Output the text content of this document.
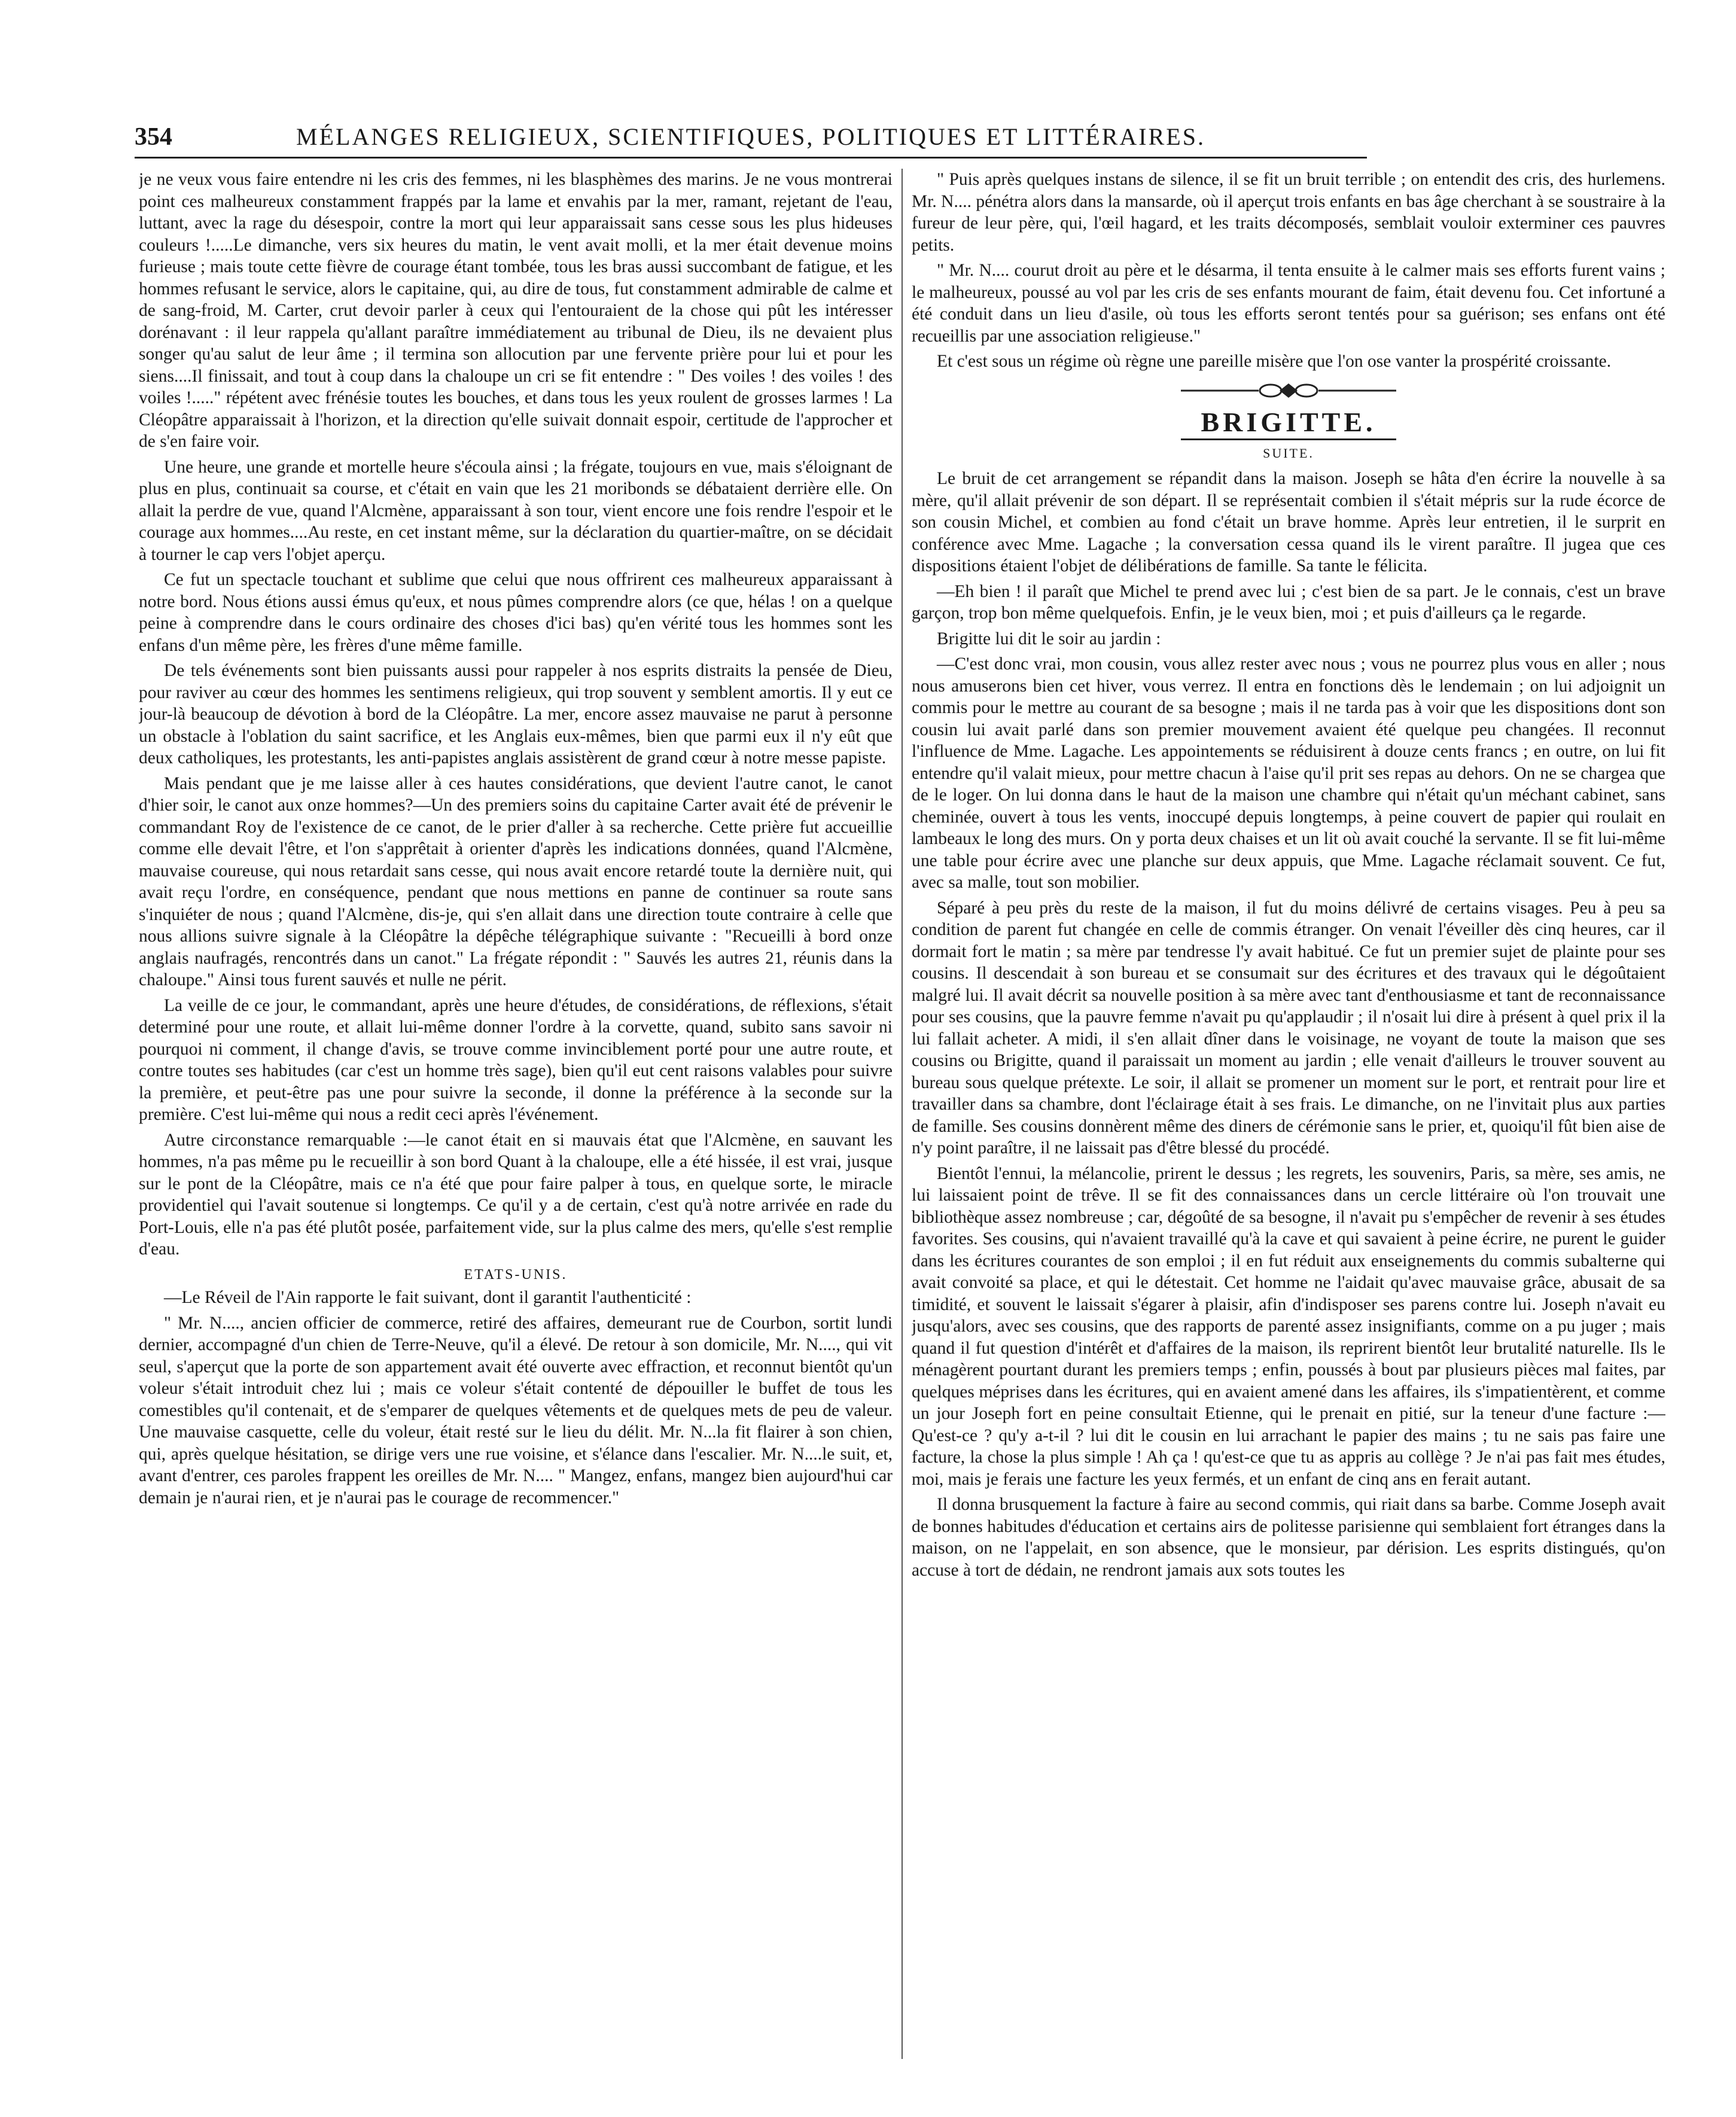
354	MÉLANGES RELIGIEUX, SCIENTIFIQUES, POLITIQUES ET LITTÉRAIRES.

je ne veux vous faire entendre ni les cris des femmes, ni les blasphèmes des marins. Je ne vous montrerai point ces malheureux constamment frappés par la lame et envahis par la mer, ramant, rejetant de l'eau, luttant, avec la rage du désespoir, contre la mort qui leur apparaissait sans cesse sous les plus hideuses couleurs !.....Le dimanche, vers six heures du matin, le vent avait molli, et la mer était devenue moins furieuse ; mais toute cette fièvre de courage étant tombée, tous les bras aussi succombant de fatigue, et les hommes refusant le service, alors le capitaine, qui, au dire de tous, fut constamment admirable de calme et de sang-froid, M. Carter, crut devoir parler à ceux qui l'entouraient de la chose qui pût les intéresser dorénavant : il leur rappela qu'allant paraître immédiatement au tribunal de Dieu, ils ne devaient plus songer qu'au salut de leur âme ; il termina son allocution par une fervente prière pour lui et pour les siens....Il finissait, and tout à coup dans la chaloupe un cri se fit entendre : " Des voiles ! des voiles ! des voiles !....." répétent avec frénésie toutes les bouches, et dans tous les yeux roulent de grosses larmes ! La Cléopâtre apparaissait à l'horizon, et la direction qu'elle suivait donnait espoir, certitude de l'approcher et de s'en faire voir.

Une heure, une grande et mortelle heure s'écoula ainsi ; la frégate, toujours en vue, mais s'éloignant de plus en plus, continuait sa course, et c'était en vain que les 21 moribonds se débataient derrière elle. On allait la perdre de vue, quand l'Alcmène, apparaissant à son tour, vient encore une fois rendre l'espoir et le courage aux hommes....Au reste, en cet instant même, sur la déclaration du quartier-maître, on se décidait à tourner le cap vers l'objet aperçu.

Ce fut un spectacle touchant et sublime que celui que nous offrirent ces malheureux apparaissant à notre bord. Nous étions aussi émus qu'eux, et nous pûmes comprendre alors (ce que, hélas ! on a quelque peine à comprendre dans le cours ordinaire des choses d'ici bas) qu'en vérité tous les hommes sont les enfans d'un même père, les frères d'une même famille.

De tels événements sont bien puissants aussi pour rappeler à nos esprits distraits la pensée de Dieu, pour raviver au cœur des hommes les sentimens religieux, qui trop souvent y semblent amortis. Il y eut ce jour-là beaucoup de dévotion à bord de la Cléopâtre. La mer, encore assez mauvaise ne parut à personne un obstacle à l'oblation du saint sacrifice, et les Anglais eux-mêmes, bien que parmi eux il n'y eût que deux catholiques, les protestants, les anti-papistes anglais assistèrent de grand cœur à notre messe papiste.

Mais pendant que je me laisse aller à ces hautes considérations, que devient l'autre canot, le canot d'hier soir, le canot aux onze hommes?—Un des premiers soins du capitaine Carter avait été de prévenir le commandant Roy de l'existence de ce canot, de le prier d'aller à sa recherche. Cette prière fut accueillie comme elle devait l'être, et l'on s'apprêtait à orienter d'après les indications données, quand l'Alcmène, mauvaise coureuse, qui nous retardait sans cesse, qui nous avait encore retardé toute la dernière nuit, qui avait reçu l'ordre, en conséquence, pendant que nous mettions en panne de continuer sa route sans s'inquiéter de nous ; quand l'Alcmène, dis-je, qui s'en allait dans une direction toute contraire à celle que nous allions suivre signale à la Cléopâtre la dépêche télégraphique suivante : "Recueilli à bord onze anglais naufragés, rencontrés dans un canot." La frégate répondit : " Sauvés les autres 21, réunis dans la chaloupe." Ainsi tous furent sauvés et nulle ne périt.

La veille de ce jour, le commandant, après une heure d'études, de considérations, de réflexions, s'était determiné pour une route, et allait lui-même donner l'ordre à la corvette, quand, subito sans savoir ni pourquoi ni comment, il change d'avis, se trouve comme invinciblement porté pour une autre route, et contre toutes ses habitudes (car c'est un homme très sage), bien qu'il eut cent raisons valables pour suivre la première, et peut-être pas une pour suivre la seconde, il donne la préférence à la seconde sur la première. C'est lui-même qui nous a redit ceci après l'événement.

Autre circonstance remarquable :—le canot était en si mauvais état que l'Alcmène, en sauvant les hommes, n'a pas même pu le recueillir à son bord Quant à la chaloupe, elle a été hissée, il est vrai, jusque sur le pont de la Cléopâtre, mais ce n'a été que pour faire palper à tous, en quelque sorte, le miracle providentiel qui l'avait soutenue si longtemps. Ce qu'il y a de certain, c'est qu'à notre arrivée en rade du Port-Louis, elle n'a pas été plutôt posée, parfaitement vide, sur la plus calme des mers, qu'elle s'est remplie d'eau.

ETATS-UNIS.

—Le Réveil de l'Ain rapporte le fait suivant, dont il garantit l'authenticité :

" Mr. N...., ancien officier de commerce, retiré des affaires, demeurant rue de Courbon, sortit lundi dernier, accompagné d'un chien de Terre-Neuve, qu'il a élevé. De retour à son domicile, Mr. N...., qui vit seul, s'aperçut que la porte de son appartement avait été ouverte avec effraction, et reconnut bientôt qu'un voleur s'était introduit chez lui ; mais ce voleur s'était contenté de dépouiller le buffet de tous les comestibles qu'il contenait, et de s'emparer de quelques vêtements et de quelques mets de peu de valeur. Une mauvaise casquette, celle du voleur, était resté sur le lieu du délit. Mr. N...la fit flairer à son chien, qui, après quelque hésitation, se dirige vers une rue voisine, et s'élance dans l'escalier. Mr. N....le suit, et, avant d'entrer, ces paroles frappent les oreilles de Mr. N.... " Mangez, enfans, mangez bien aujourd'hui car demain je n'aurai rien, et je n'aurai pas le courage de recommencer."

" Puis après quelques instans de silence, il se fit un bruit terrible ; on entendit des cris, des hurlemens. Mr. N.... pénétra alors dans la mansarde, où il aperçut trois enfants en bas âge cherchant à se soustraire à la fureur de leur père, qui, l'œil hagard, et les traits décomposés, semblait vouloir exterminer ces pauvres petits.

" Mr. N.... courut droit au père et le désarma, il tenta ensuite à le calmer mais ses efforts furent vains ; le malheureux, poussé au vol par les cris de ses enfants mourant de faim, était devenu fou. Cet infortuné a été conduit dans un lieu d'asile, où tous les efforts seront tentés pour sa guérison; ses enfans ont été recueillis par une association religieuse."

Et c'est sous un régime où règne une pareille misère que l'on ose vanter la prospérité croissante.

BRIGITTE.
SUITE.

Le bruit de cet arrangement se répandit dans la maison. Joseph se hâta d'en écrire la nouvelle à sa mère, qu'il allait prévenir de son départ. Il se représentait combien il s'était mépris sur la rude écorce de son cousin Michel, et combien au fond c'était un brave homme. Après leur entretien, il le surprit en conférence avec Mme. Lagache ; la conversation cessa quand ils le virent paraître. Il jugea que ces dispositions étaient l'objet de délibérations de famille. Sa tante le félicita.

—Eh bien ! il paraît que Michel te prend avec lui ; c'est bien de sa part. Je le connais, c'est un brave garçon, trop bon même quelquefois. Enfin, je le veux bien, moi ; et puis d'ailleurs ça le regarde.

Brigitte lui dit le soir au jardin :

—C'est donc vrai, mon cousin, vous allez rester avec nous ; vous ne pourrez plus vous en aller ; nous nous amuserons bien cet hiver, vous verrez. Il entra en fonctions dès le lendemain ; on lui adjoignit un commis pour le mettre au courant de sa besogne ; mais il ne tarda pas à voir que les dispositions dont son cousin lui avait parlé dans son premier mouvement avaient été quelque peu changées. Il reconnut l'influence de Mme. Lagache. Les appointements se réduisirent à douze cents francs ; en outre, on lui fit entendre qu'il valait mieux, pour mettre chacun à l'aise qu'il prit ses repas au dehors. On ne se chargea que de le loger. On lui donna dans le haut de la maison une chambre qui n'était qu'un méchant cabinet, sans cheminée, ouvert à tous les vents, inoccupé depuis longtemps, à peine couvert de papier qui roulait en lambeaux le long des murs. On y porta deux chaises et un lit où avait couché la servante. Il se fit lui-même une table pour écrire avec une planche sur deux appuis, que Mme. Lagache réclamait souvent. Ce fut, avec sa malle, tout son mobilier.

Séparé à peu près du reste de la maison, il fut du moins délivré de certains visages. Peu à peu sa condition de parent fut changée en celle de commis étranger. On venait l'éveiller dès cinq heures, car il dormait fort le matin ; sa mère par tendresse l'y avait habitué. Ce fut un premier sujet de plainte pour ses cousins. Il descendait à son bureau et se consumait sur des écritures et des travaux qui le dégoûtaient malgré lui. Il avait décrit sa nouvelle position à sa mère avec tant d'enthousiasme et tant de reconnaissance pour ses cousins, que la pauvre femme n'avait pu qu'applaudir ; il n'osait lui dire à présent à quel prix il la lui fallait acheter. A midi, il s'en allait dîner dans le voisinage, ne voyant de toute la maison que ses cousins ou Brigitte, quand il paraissait un moment au jardin ; elle venait d'ailleurs le trouver souvent au bureau sous quelque prétexte. Le soir, il allait se promener un moment sur le port, et rentrait pour lire et travailler dans sa chambre, dont l'éclairage était à ses frais. Le dimanche, on ne l'invitait plus aux parties de famille. Ses cousins donnèrent même des diners de cérémonie sans le prier, et, quoiqu'il fût bien aise de n'y point paraître, il ne laissait pas d'être blessé du procédé.

Bientôt l'ennui, la mélancolie, prirent le dessus ; les regrets, les souvenirs, Paris, sa mère, ses amis, ne lui laissaient point de trêve. Il se fit des connaissances dans un cercle littéraire où l'on trouvait une bibliothèque assez nombreuse ; car, dégoûté de sa besogne, il n'avait pu s'empêcher de revenir à ses études favorites. Ses cousins, qui n'avaient travaillé qu'à la cave et qui savaient à peine écrire, ne purent le guider dans les écritures courantes de son emploi ; il en fut réduit aux enseignements du commis subalterne qui avait convoité sa place, et qui le détestait. Cet homme ne l'aidait qu'avec mauvaise grâce, abusait de sa timidité, et souvent le laissait s'égarer à plaisir, afin d'indisposer ses parens contre lui. Joseph n'avait eu jusqu'alors, avec ses cousins, que des rapports de parenté assez insignifiants, comme on a pu juger ; mais quand il fut question d'intérêt et d'affaires de la maison, ils reprirent bientôt leur brutalité naturelle. Ils le ménagèrent pourtant durant les premiers temps ; enfin, poussés à bout par plusieurs pièces mal faites, par quelques méprises dans les écritures, qui en avaient amené dans les affaires, ils s'impatientèrent, et comme un jour Joseph fort en peine consultait Etienne, qui le prenait en pitié, sur la teneur d'une facture :—Qu'est-ce ? qu'y a-t-il ? lui dit le cousin en lui arrachant le papier des mains ; tu ne sais pas faire une facture, la chose la plus simple ! Ah ça ! qu'est-ce que tu as appris au collège ? Je n'ai pas fait mes études, moi, mais je ferais une facture les yeux fermés, et un enfant de cinq ans en ferait autant.

Il donna brusquement la facture à faire au second commis, qui riait dans sa barbe. Comme Joseph avait de bonnes habitudes d'éducation et certains airs de politesse parisienne qui semblaient fort étranges dans la maison, on ne l'appelait, en son absence, que le monsieur, par dérision. Les esprits distingués, qu'on accuse à tort de dédain, ne rendront jamais aux sots toutes les
